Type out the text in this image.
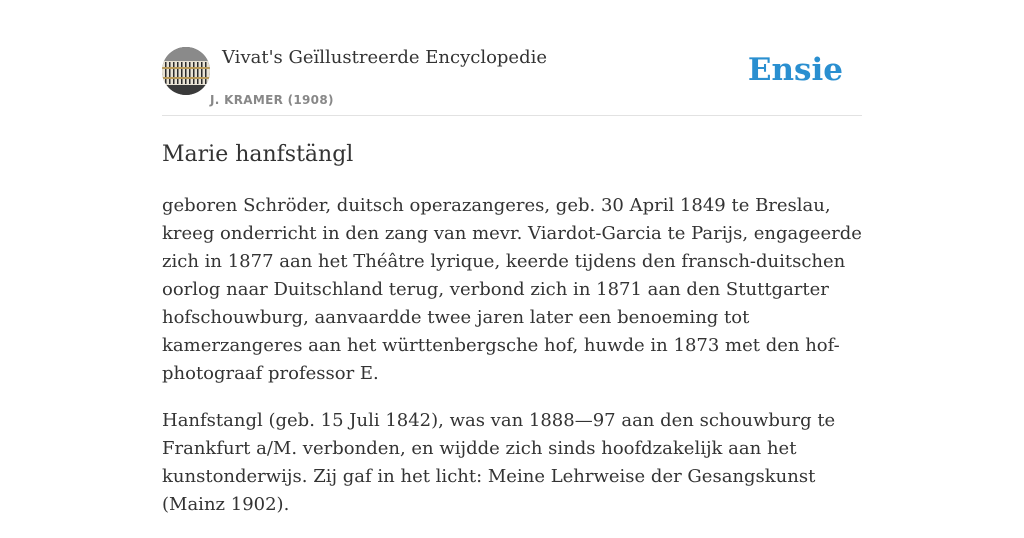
Vivat's Geïllustreerde Encyclopedie
J. KRAMER (1908)
Ensie
Marie hanfstängl

geboren Schröder, duitsch operazangeres, geb. 30 April 1849 te Breslau, kreeg onderricht in den zang van mevr. Viardot-Garcia te Parijs, engageerde zich in 1877 aan het Théâtre lyrique, keerde tijdens den fransch-duitschen oorlog naar Duitschland terug, verbond zich in 1871 aan den Stuttgarter hofschouwburg, aanvaardde twee jaren later een benoeming tot kamerzangeres aan het württenbergsche hof, huwde in 1873 met den hof-photograaf professor E.

Hanfstangl (geb. 15 Juli 1842), was van 1888—97 aan den schouwburg te Frankfurt a/M. verbonden, en wijdde zich sinds hoofdzakelijk aan het kunstonderwijs. Zij gaf in het licht: Meine Lehrweise der Gesangskunst (Mainz 1902).
